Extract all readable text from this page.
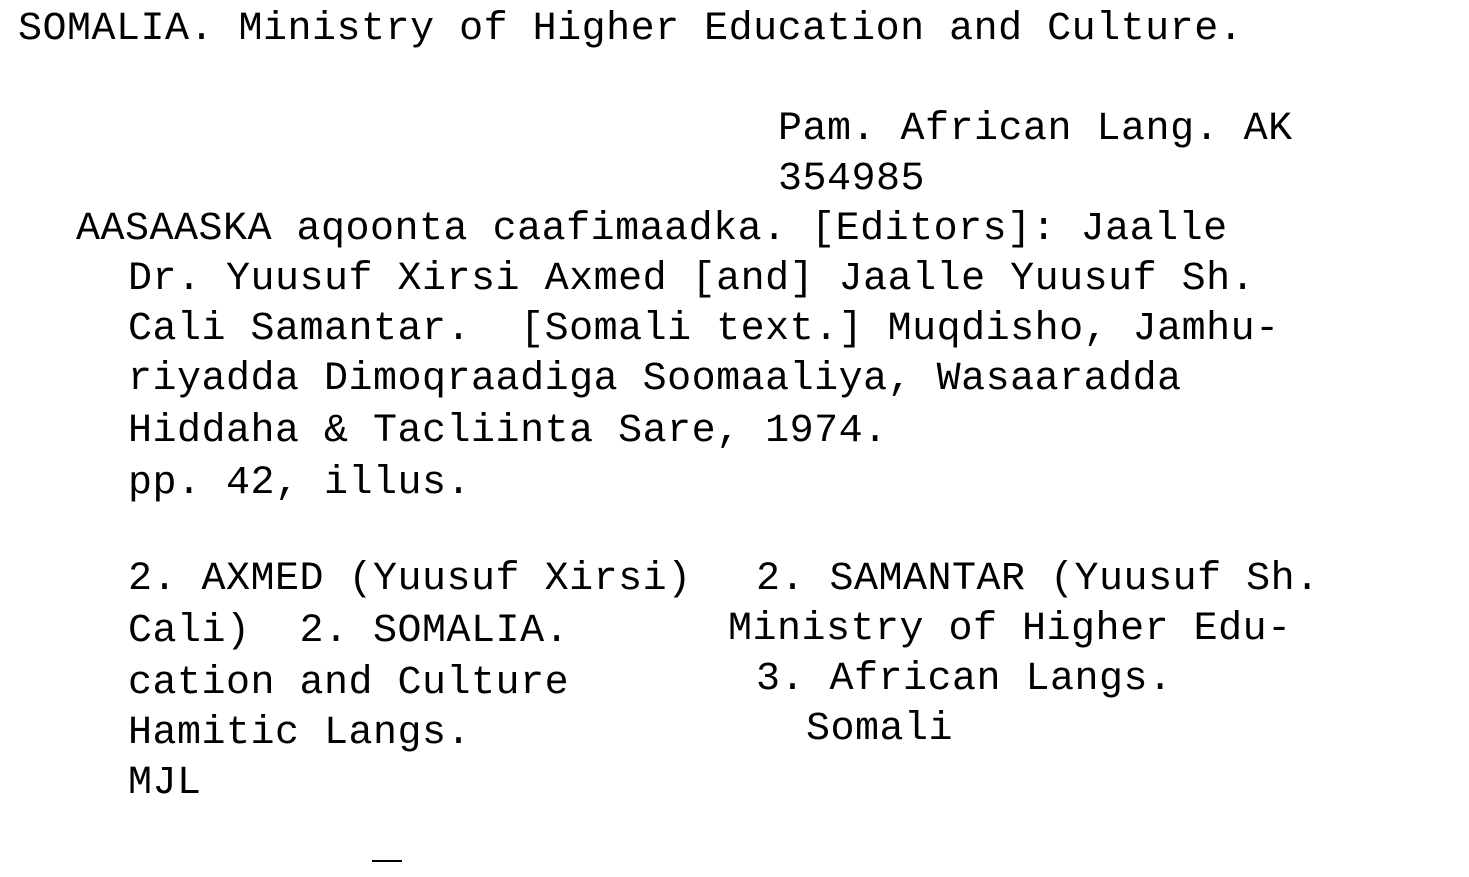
SOMALIA. Ministry of Higher Education and Culture.
Pam. African Lang. AK
354985
AASAASKA aqoonta caafimaadka. [Editors]: Jaalle
Dr. Yuusuf Xirsi Axmed [and] Jaalle Yuusuf Sh.
Cali Samantar.  [Somali text.] Muqdisho, Jamhu-
riyadda Dimoqraadiga Soomaaliya, Wasaaradda
Hiddaha & Tacliinta Sare, 1974.
pp. 42, illus.
2. AXMED (Yuusuf Xirsi)
Cali)  2. SOMALIA.
cation and Culture
Hamitic Langs.
MJL
2. SAMANTAR (Yuusuf Sh.
Ministry of Higher Edu-
3. African Langs.
Somali
